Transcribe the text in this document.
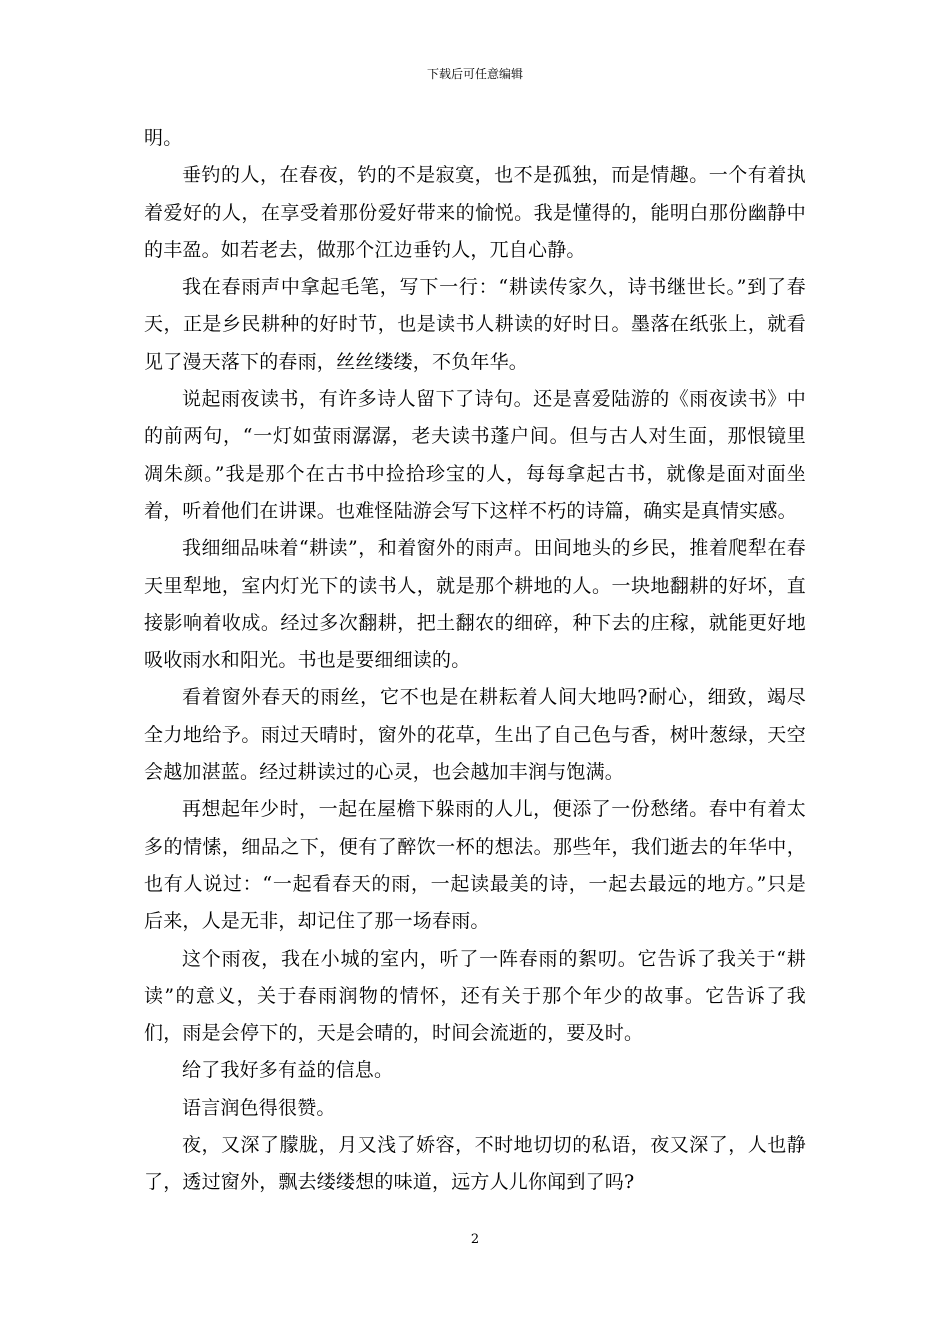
下载后可任意编辑

明。

垂钓的人，在春夜，钓的不是寂寞，也不是孤独，而是情趣。一个有着执着爱好的人，在享受着那份爱好带来的愉悦。我是懂得的，能明白那份幽静中的丰盈。如若老去，做那个江边垂钓人，兀自心静。

我在春雨声中拿起毛笔，写下一行：“耕读传家久，诗书继世长。”到了春天，正是乡民耕种的好时节，也是读书人耕读的好时日。墨落在纸张上，就看见了漫天落下的春雨，丝丝缕缕，不负年华。

说起雨夜读书，有许多诗人留下了诗句。还是喜爱陆游的《雨夜读书》中的前两句，“一灯如萤雨潺潺，老夫读书蓬户间。但与古人对生面，那恨镜里凋朱颜。”我是那个在古书中捡拾珍宝的人，每每拿起古书，就像是面对面坐着，听着他们在讲课。也难怪陆游会写下这样不朽的诗篇，确实是真情实感。

我细细品味着“耕读”，和着窗外的雨声。田间地头的乡民，推着爬犁在春天里犁地，室内灯光下的读书人，就是那个耕地的人。一块地翻耕的好坏，直接影响着收成。经过多次翻耕，把土翻农的细碎，种下去的庄稼，就能更好地吸收雨水和阳光。书也是要细细读的。

看着窗外春天的雨丝，它不也是在耕耘着人间大地吗?耐心，细致，竭尽全力地给予。雨过天晴时，窗外的花草，生出了自己色与香，树叶葱绿，天空会越加湛蓝。经过耕读过的心灵，也会越加丰润与饱满。

再想起年少时，一起在屋檐下躲雨的人儿，便添了一份愁绪。春中有着太多的情愫，细品之下，便有了醉饮一杯的想法。那些年，我们逝去的年华中，也有人说过：“一起看春天的雨，一起读最美的诗，一起去最远的地方。”只是后来，人是无非，却记住了那一场春雨。

这个雨夜，我在小城的室内，听了一阵春雨的絮叨。它告诉了我关于“耕读”的意义，关于春雨润物的情怀，还有关于那个年少的故事。它告诉了我们，雨是会停下的，天是会晴的，时间会流逝的，要及时。

给了我好多有益的信息。

语言润色得很赞。

夜，又深了朦胧，月又浅了娇容，不时地切切的私语，夜又深了，人也静了，透过窗外，飘去缕缕想的味道，远方人儿你闻到了吗?

2
